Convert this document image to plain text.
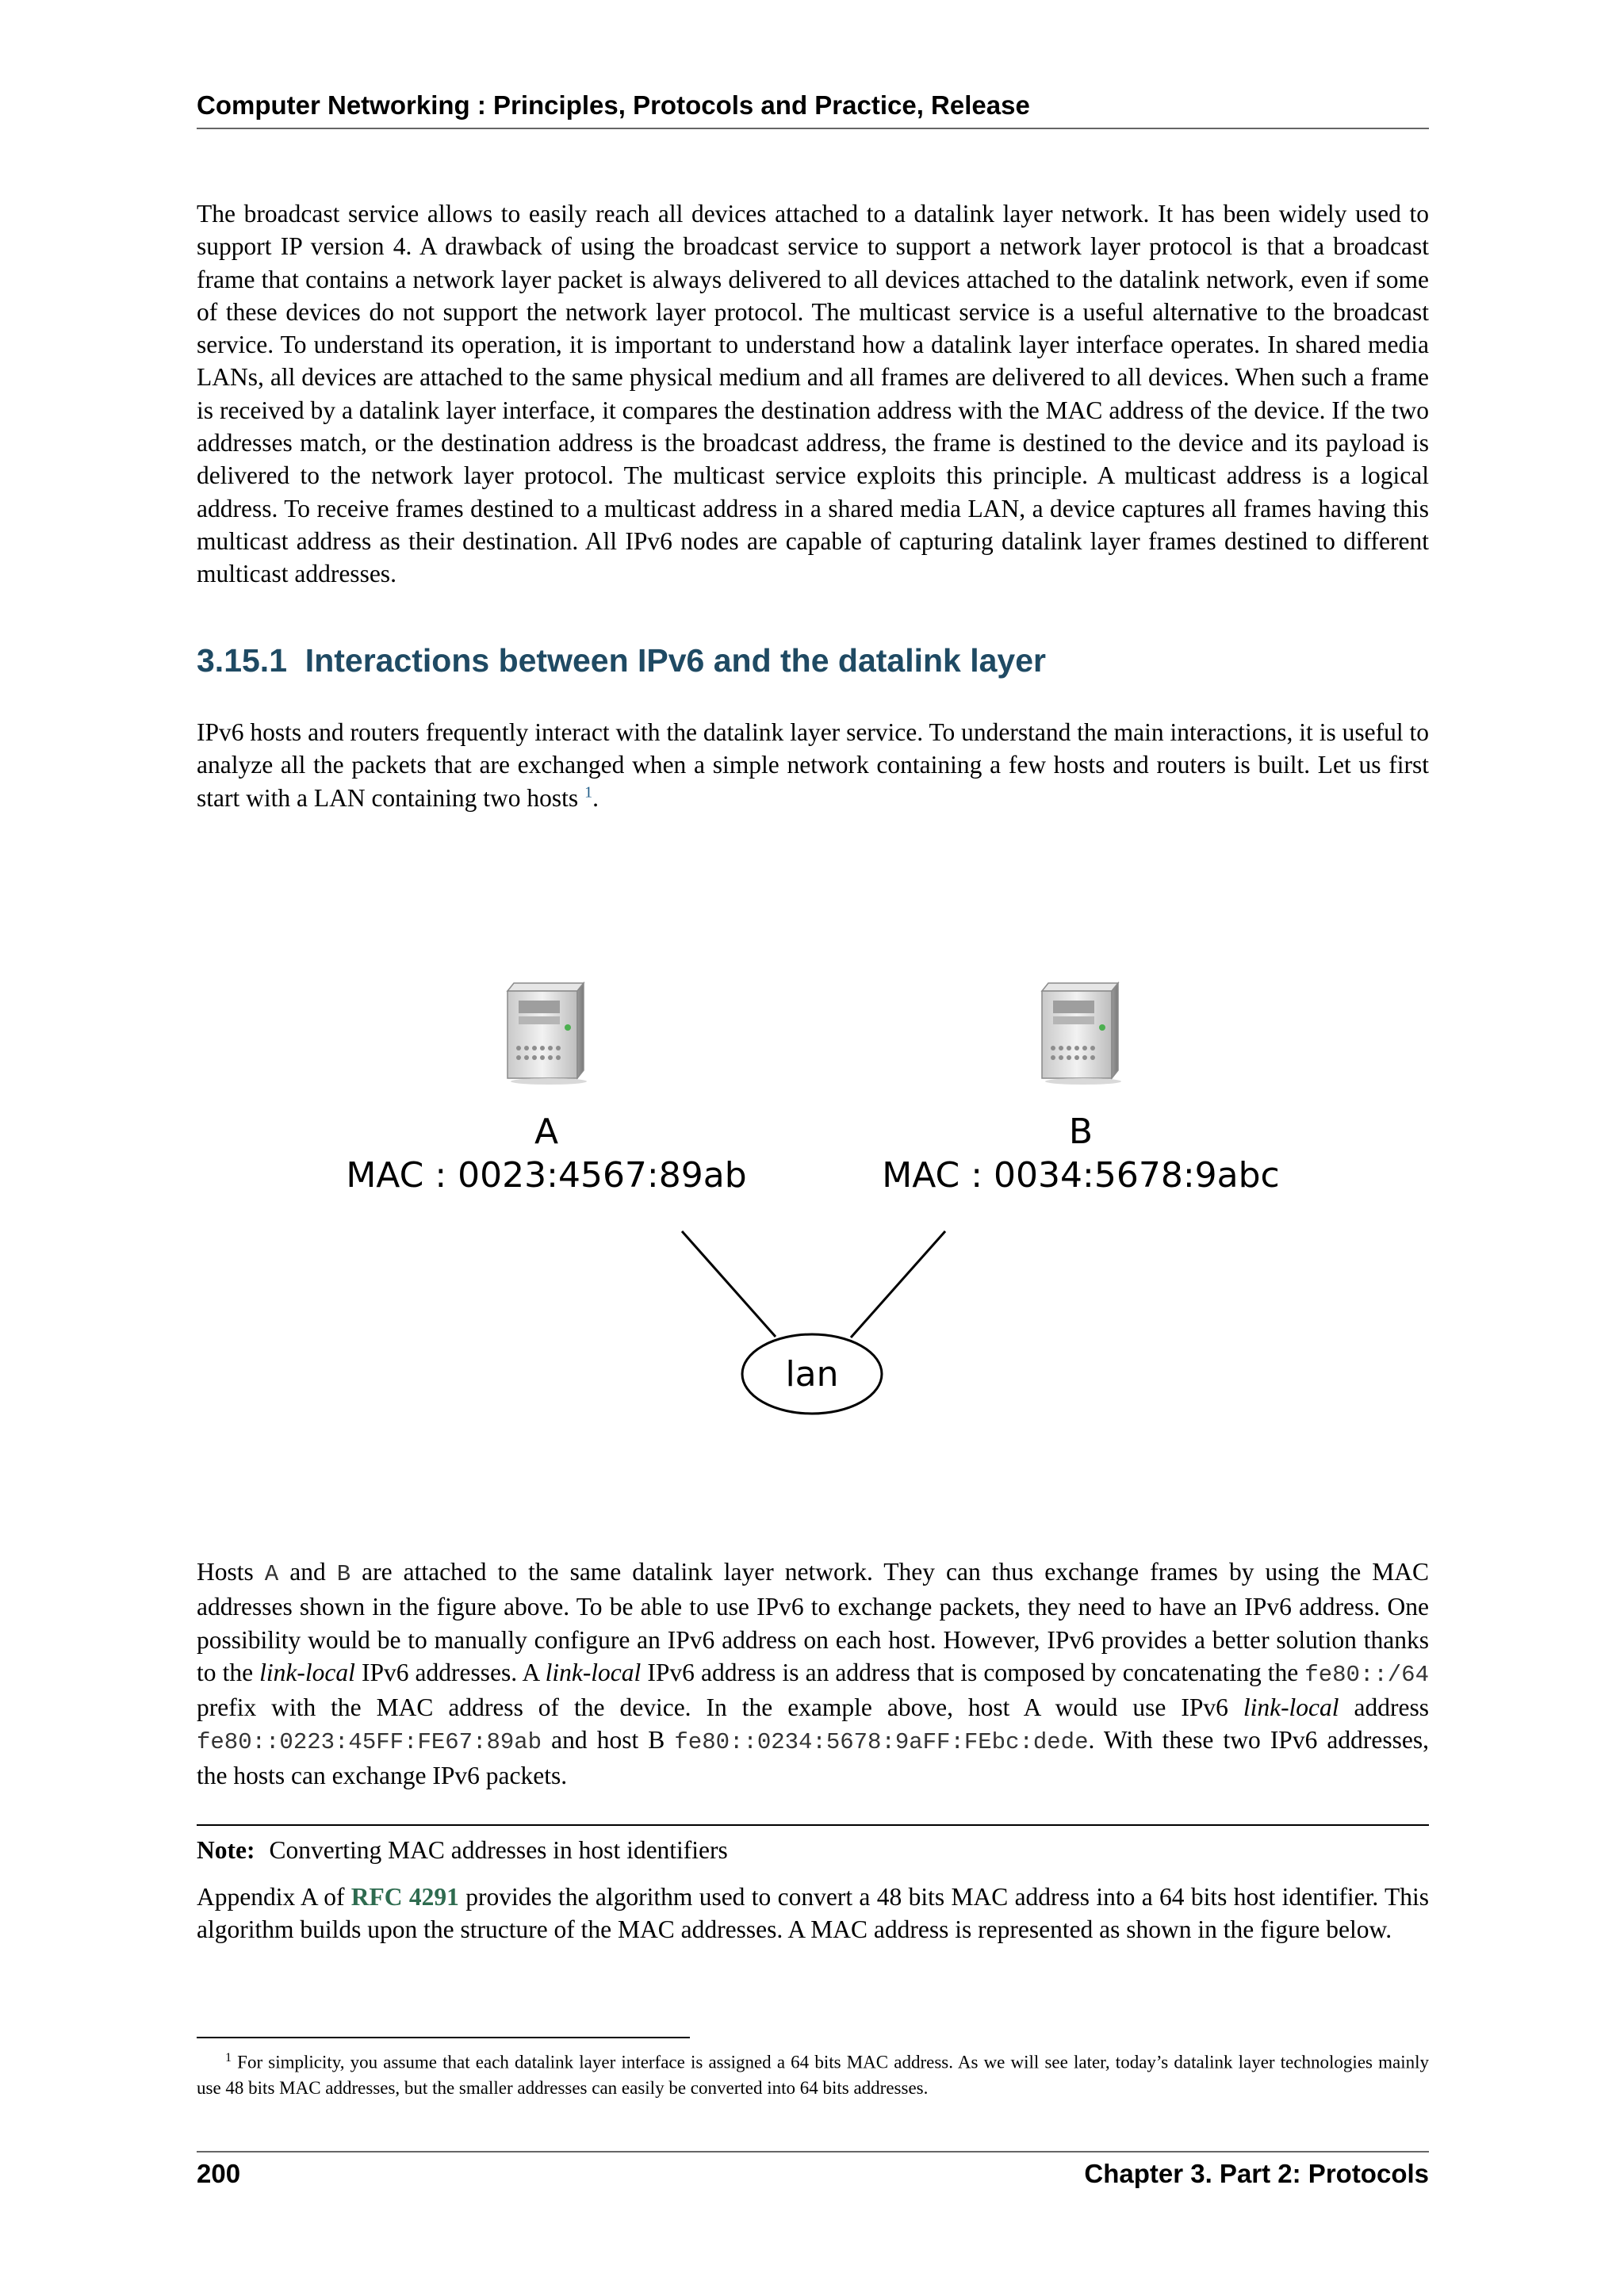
Computer Networking : Principles, Protocols and Practice, Release

The broadcast service allows to easily reach all devices attached to a datalink layer network. It has been widely used to support IP version 4. A drawback of using the broadcast service to support a network layer protocol is that a broadcast frame that contains a network layer packet is always delivered to all devices attached to the datalink network, even if some of these devices do not support the network layer protocol. The multicast service is a useful alternative to the broadcast service. To understand its operation, it is important to understand how a datalink layer interface operates. In shared media LANs, all devices are attached to the same physical medium and all frames are delivered to all devices. When such a frame is received by a datalink layer interface, it compares the destination address with the MAC address of the device. If the two addresses match, or the destination address is the broadcast address, the frame is destined to the device and its payload is delivered to the network layer protocol. The multicast service exploits this principle. A multicast address is a logical address. To receive frames destined to a multicast address in a shared media LAN, a device captures all frames having this multicast address as their destination. All IPv6 nodes are capable of capturing datalink layer frames destined to different multicast addresses.

3.15.1 Interactions between IPv6 and the datalink layer

IPv6 hosts and routers frequently interact with the datalink layer service. To understand the main interactions, it is useful to analyze all the packets that are exchanged when a simple network containing a few hosts and routers is built. Let us first start with a LAN containing two hosts $^1$.

A
MAC : 0023:4567:89ab
B
MAC : 0034:5678:9abc
lan

Hosts A and B are attached to the same datalink layer network. They can thus exchange frames by using the MAC addresses shown in the figure above. To be able to use IPv6 to exchange packets, they need to have an IPv6 address. One possibility would be to manually configure an IPv6 address on each host. However, IPv6 provides a better solution thanks to the link-local IPv6 addresses. A link-local IPv6 address is an address that is composed by concatenating the fe80::/64 prefix with the MAC address of the device. In the example above, host A would use IPv6 link-local address fe80::0223:45FF:FE67:89ab and host B fe80::0234:5678:9aFF:FEbc:dede. With these two IPv6 addresses, the hosts can exchange IPv6 packets.

Note: Converting MAC addresses in host identifiers

Appendix A of RFC 4291 provides the algorithm used to convert a 48 bits MAC address into a 64 bits host identifier. This algorithm builds upon the structure of the MAC addresses. A MAC address is represented as shown in the figure below.

$^1$ For simplicity, you assume that each datalink layer interface is assigned a 64 bits MAC address. As we will see later, today’s datalink layer technologies mainly use 48 bits MAC addresses, but the smaller addresses can easily be converted into 64 bits addresses.

200	Chapter 3. Part 2: Protocols
